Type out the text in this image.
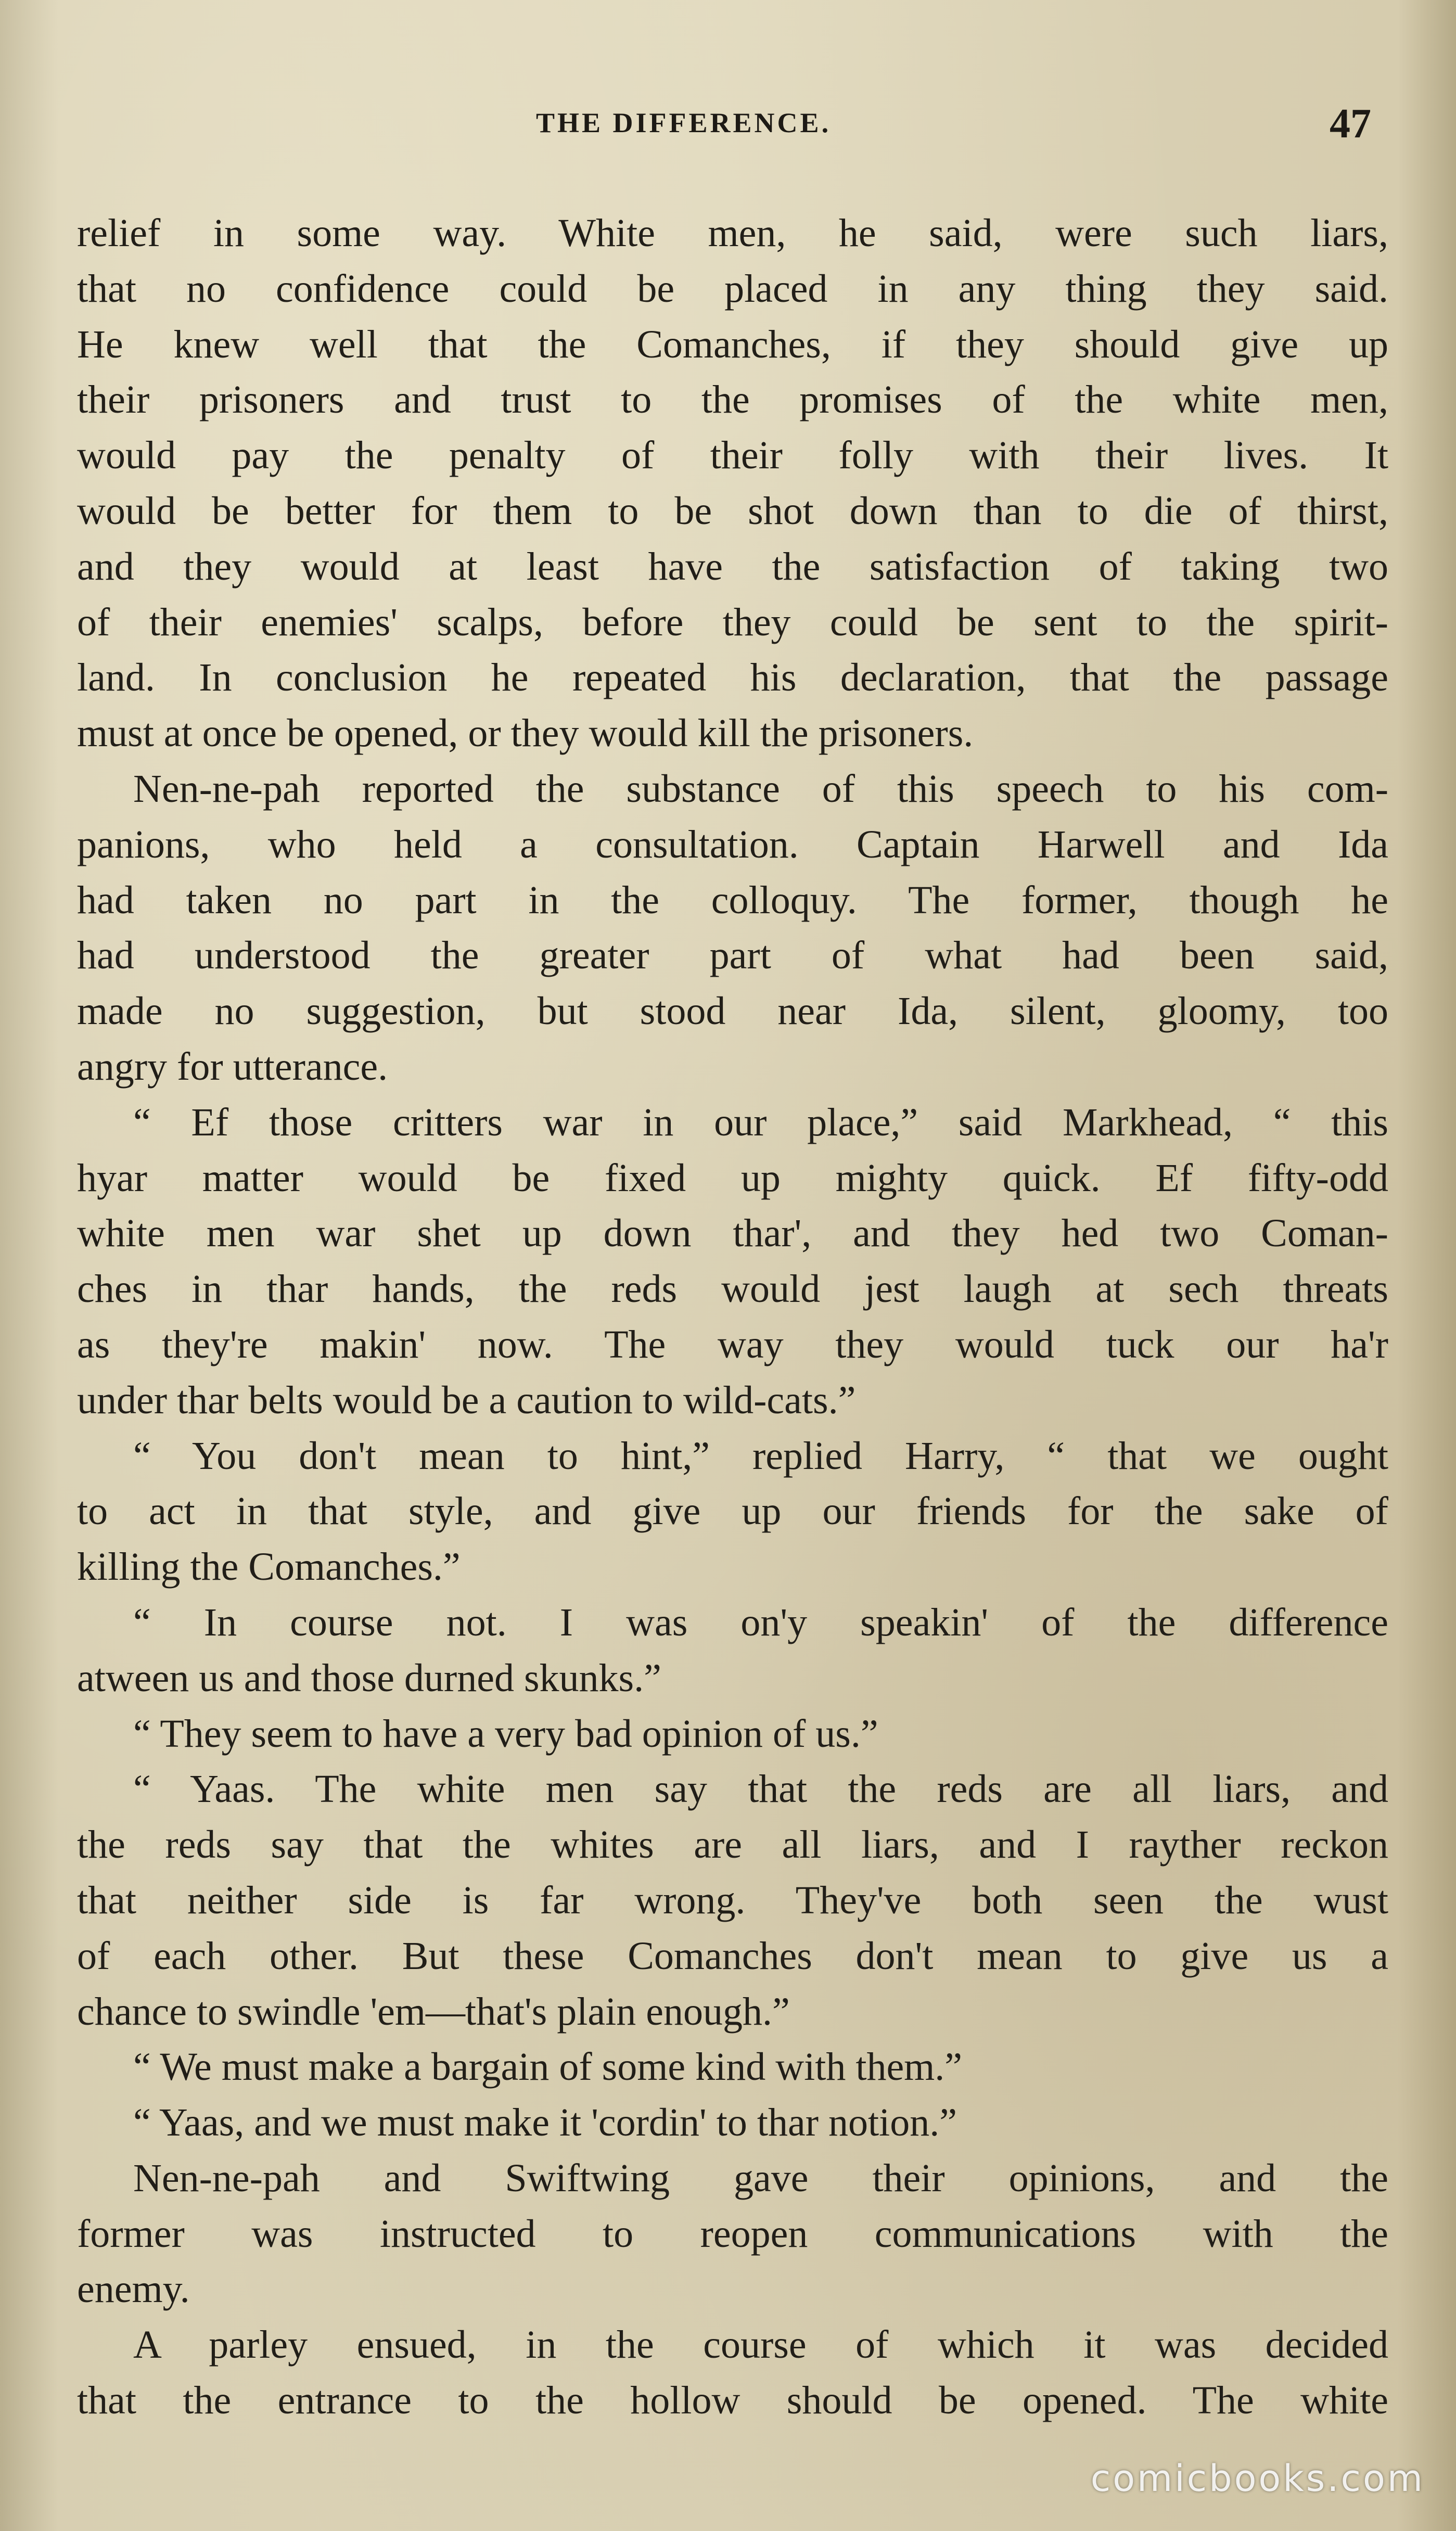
THE DIFFERENCE.	47
relief in some way. White men, he said, were such liars,
that no confidence could be placed in any thing they said.
He knew well that the Comanches, if they should give up
their prisoners and trust to the promises of the white men,
would pay the penalty of their folly with their lives. It
would be better for them to be shot down than to die of thirst,
and they would at least have the satisfaction of taking two
of their enemies' scalps, before they could be sent to the spirit-
land. In conclusion he repeated his declaration, that the passage
must at once be opened, or they would kill the prisoners.
Nen-ne-pah reported the substance of this speech to his com-
panions, who held a consultation. Captain Harwell and Ida
had taken no part in the colloquy. The former, though he
had understood the greater part of what had been said,
made no suggestion, but stood near Ida, silent, gloomy, too
angry for utterance.
“ Ef those critters war in our place,” said Markhead, “ this
hyar matter would be fixed up mighty quick. Ef fifty-odd
white men war shet up down thar', and they hed two Coman-
ches in thar hands, the reds would jest laugh at sech threats
as they're makin' now. The way they would tuck our ha'r
under thar belts would be a caution to wild-cats.”
“ You don't mean to hint,” replied Harry, “ that we ought
to act in that style, and give up our friends for the sake of
killing the Comanches.”
“ In course not. I was on'y speakin' of the difference
atween us and those durned skunks.”
“ They seem to have a very bad opinion of us.”
“ Yaas. The white men say that the reds are all liars, and
the reds say that the whites are all liars, and I rayther reckon
that neither side is far wrong. They've both seen the wust
of each other. But these Comanches don't mean to give us a
chance to swindle 'em—that's plain enough.”
“ We must make a bargain of some kind with them.”
“ Yaas, and we must make it 'cordin' to thar notion.”
Nen-ne-pah and Swiftwing gave their opinions, and the
former was instructed to reopen communications with the
enemy.
A parley ensued, in the course of which it was decided
that the entrance to the hollow should be opened. The white
comicbooks.com
